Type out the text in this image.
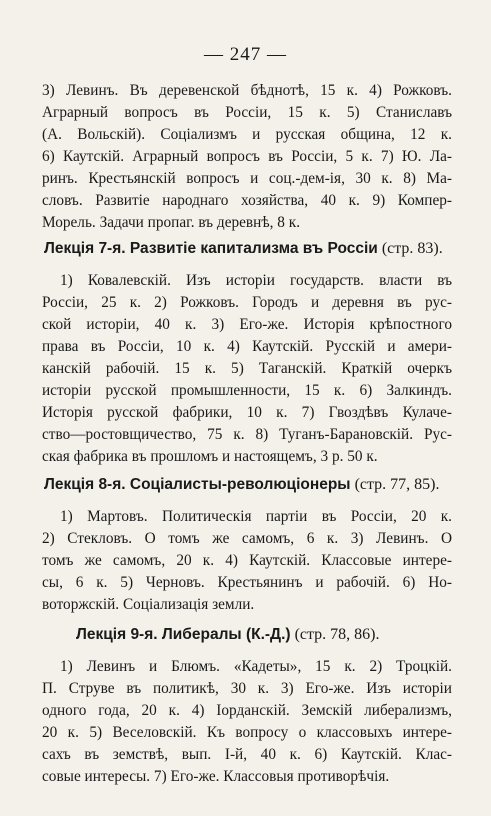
— 247 —
3) Левинъ. Въ деревенской бѣднотѣ, 15 к. 4) Рожковъ.
Аграрный вопросъ въ Россіи, 15 к. 5) Станиславъ
(А. Вольскій). Соціализмъ и русская община, 12 к.
6) Каутскій. Аграрный вопросъ въ Россіи, 5 к. 7) Ю. Ла-
ринъ. Крестьянскій вопросъ и соц.-дем-ія, 30 к. 8) Ма-
словъ. Развитіе народнаго хозяйства, 40 к. 9) Компер-
Морель. Задачи пропаг. въ деревнѣ, 8 к.
Лекція 7-я. Развитіе капитализма въ Россіи (стр. 83).
1) Ковалевскій. Изъ исторіи государств. власти въ
Россіи, 25 к. 2) Рожковъ. Городъ и деревня въ рус-
ской исторіи, 40 к. 3) Его-же. Исторія крѣпостного
права въ Россіи, 10 к. 4) Каутскій. Русскій и амери-
канскій рабочій. 15 к. 5) Таганскій. Краткій очеркъ
исторіи русской промышленности, 15 к. 6) Залкиндъ.
Исторія русской фабрики, 10 к. 7) Гвоздѣвъ Кулаче-
ство—ростовщичество, 75 к. 8) Туганъ-Барановскій. Рус-
ская фабрика въ прошломъ и настоящемъ, 3 р. 50 к.
Лекція 8-я. Соціалисты-революціонеры (стр. 77, 85).
1) Мартовъ. Политическія партіи въ Россіи, 20 к.
2) Стекловъ. О томъ же самомъ, 6 к. 3) Левинъ. О
томъ же самомъ, 20 к. 4) Каутскій. Классовые интере-
сы, 6 к. 5) Черновъ. Крестьянинъ и рабочій. 6) Но-
воторжскій. Соціализація земли.
Лекція 9-я. Либералы (К.-Д.) (стр. 78, 86).
1) Левинъ и Блюмъ. «Кадеты», 15 к. 2) Троцкій.
П. Струве въ политикѣ, 30 к. 3) Его-же. Изъ исторіи
одного года, 20 к. 4) Іорданскій. Земскій либерализмъ,
20 к. 5) Веселовскій. Къ вопросу о классовыхъ интере-
сахъ въ земствѣ, вып. I-й, 40 к. 6) Каутскій. Клас-
совые интересы. 7) Его-же. Классовыя противорѣчія.
